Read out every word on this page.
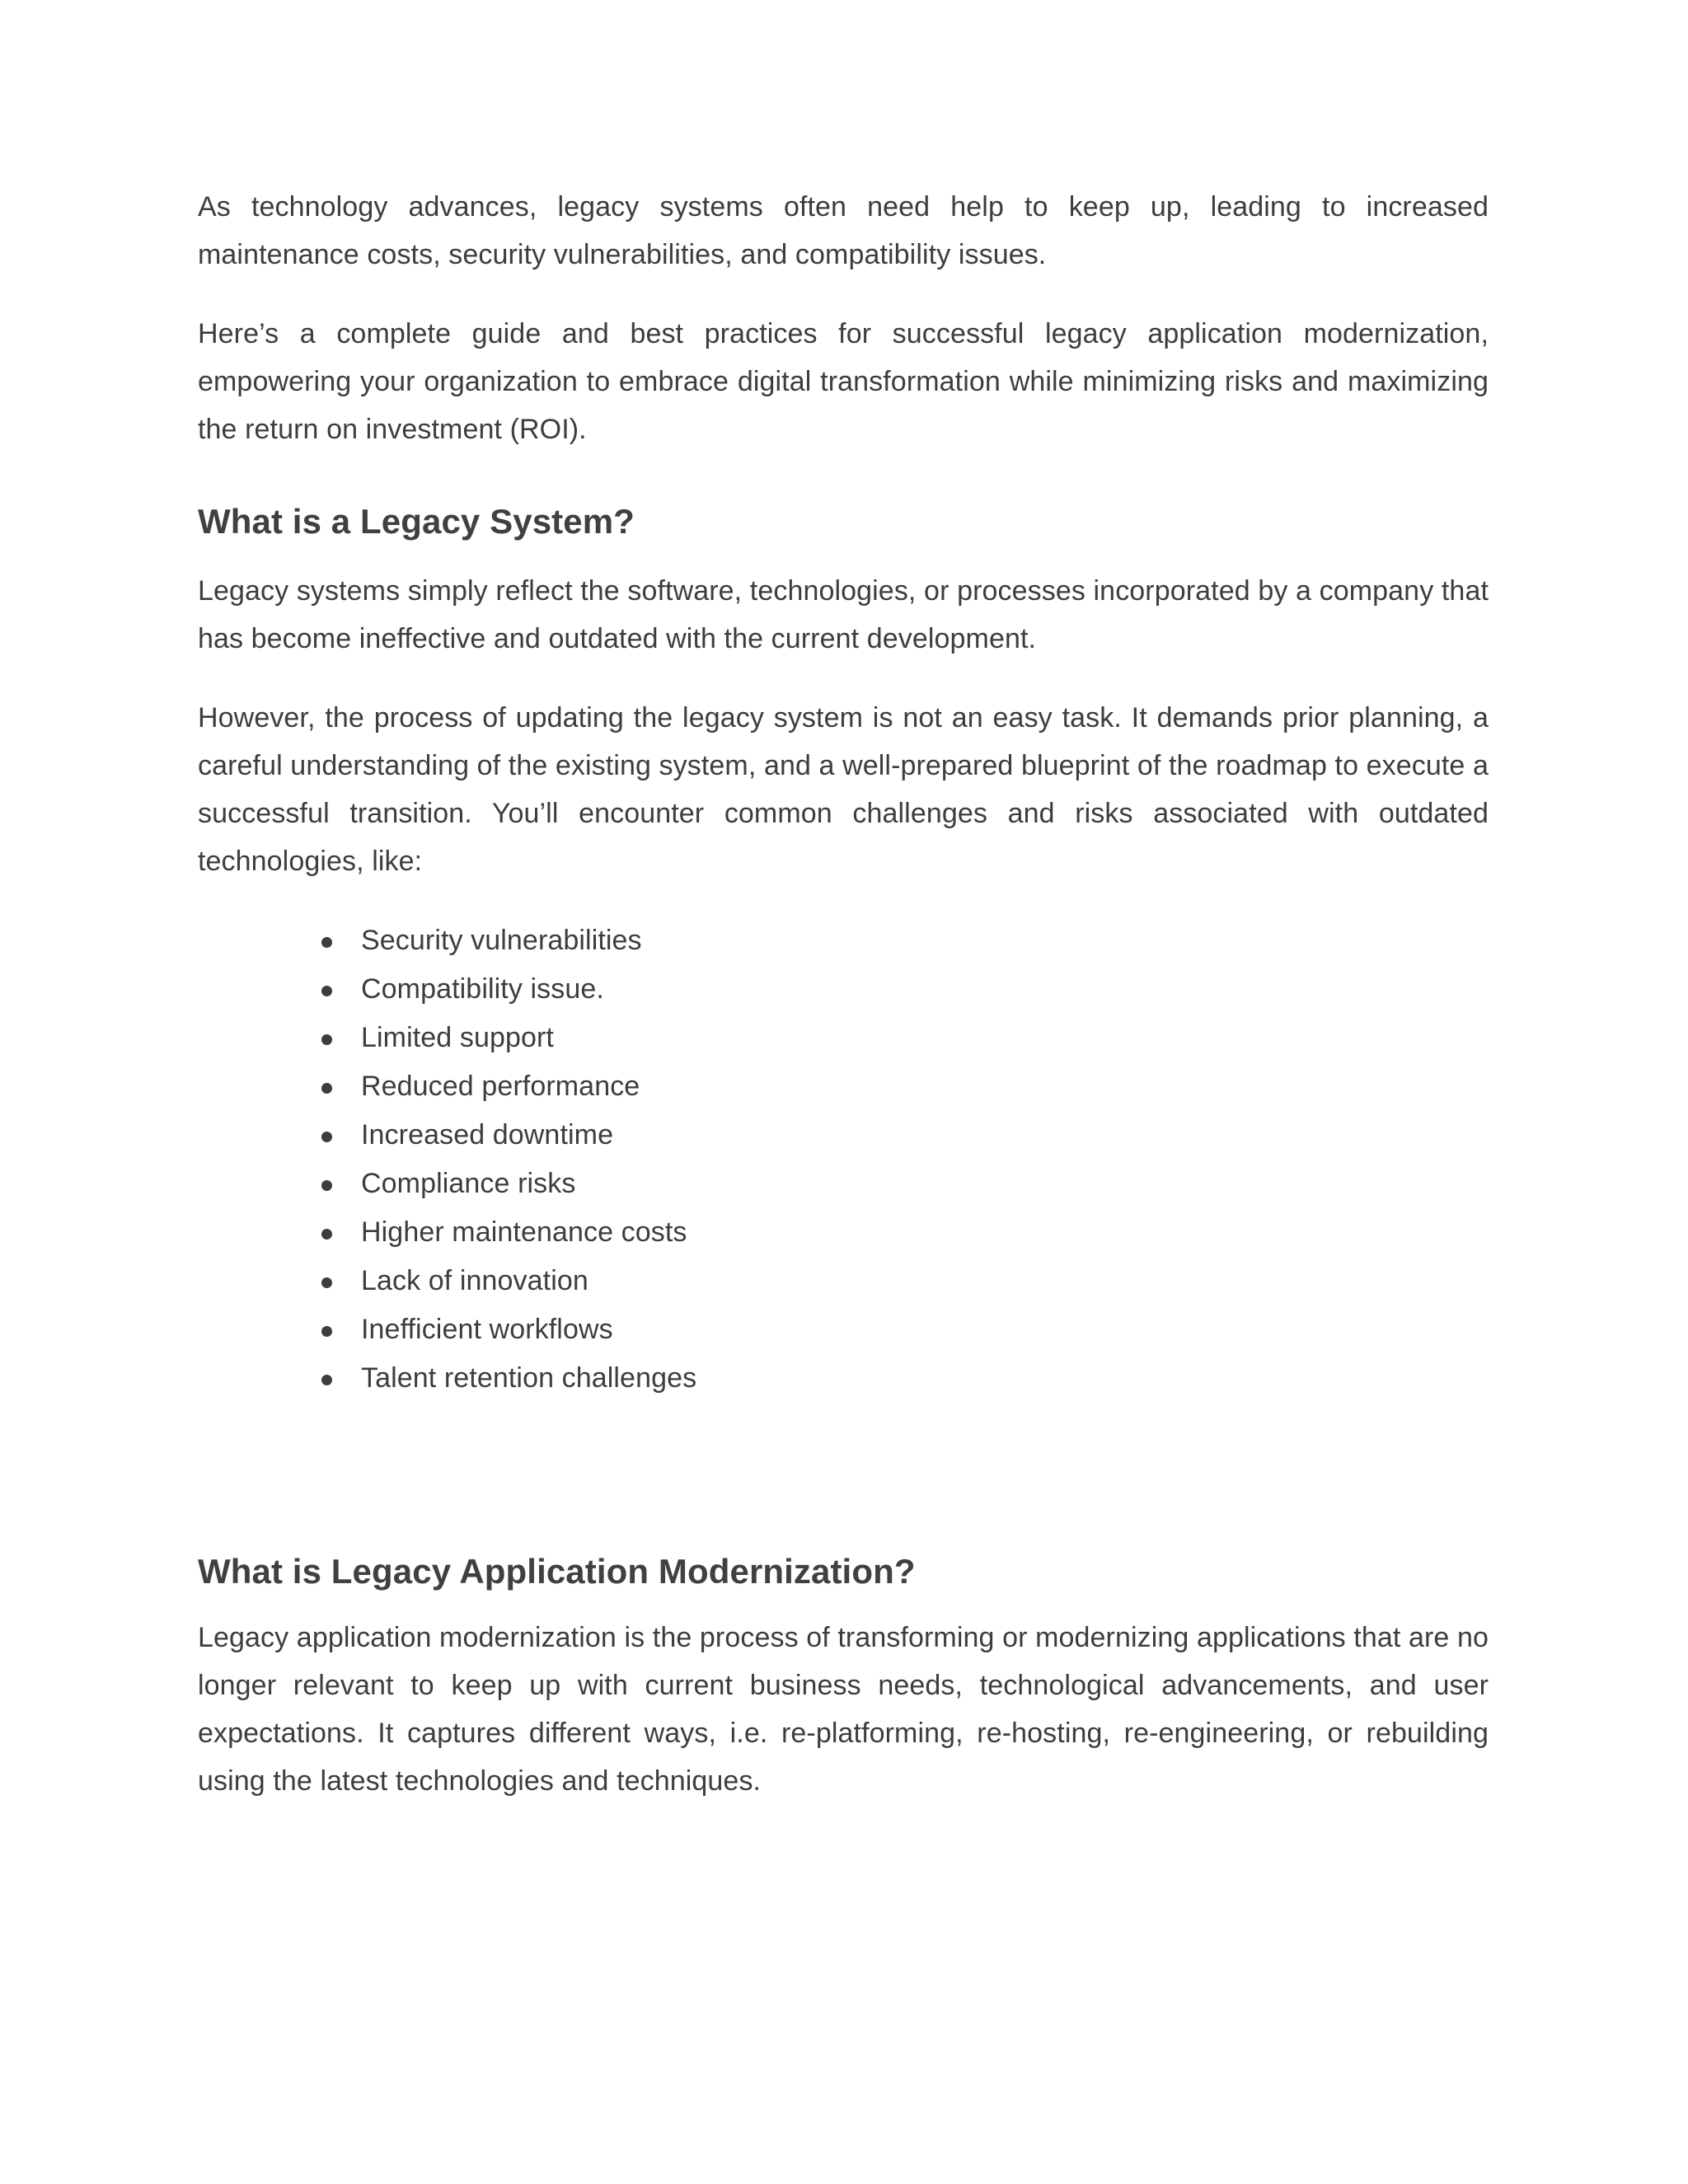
As technology advances, legacy systems often need help to keep up, leading to increased maintenance costs, security vulnerabilities, and compatibility issues.

Here’s a complete guide and best practices for successful legacy application modernization, empowering your organization to embrace digital transformation while minimizing risks and maximizing the return on investment (ROI).

What is a Legacy System?

Legacy systems simply reflect the software, technologies, or processes incorporated by a company that has become ineffective and outdated with the current development.

However, the process of updating the legacy system is not an easy task. It demands prior planning, a careful understanding of the existing system, and a well-prepared blueprint of the roadmap to execute a successful transition. You’ll encounter common challenges and risks associated with outdated technologies, like:

Security vulnerabilities
Compatibility issue.
Limited support
Reduced performance
Increased downtime
Compliance risks
Higher maintenance costs
Lack of innovation
Inefficient workflows
Talent retention challenges
What is Legacy Application Modernization?

Legacy application modernization is the process of transforming or modernizing applications that are no longer relevant to keep up with current business needs, technological advancements, and user expectations. It captures different ways, i.e. re-platforming, re-hosting, re-engineering, or rebuilding using the latest technologies and techniques.
